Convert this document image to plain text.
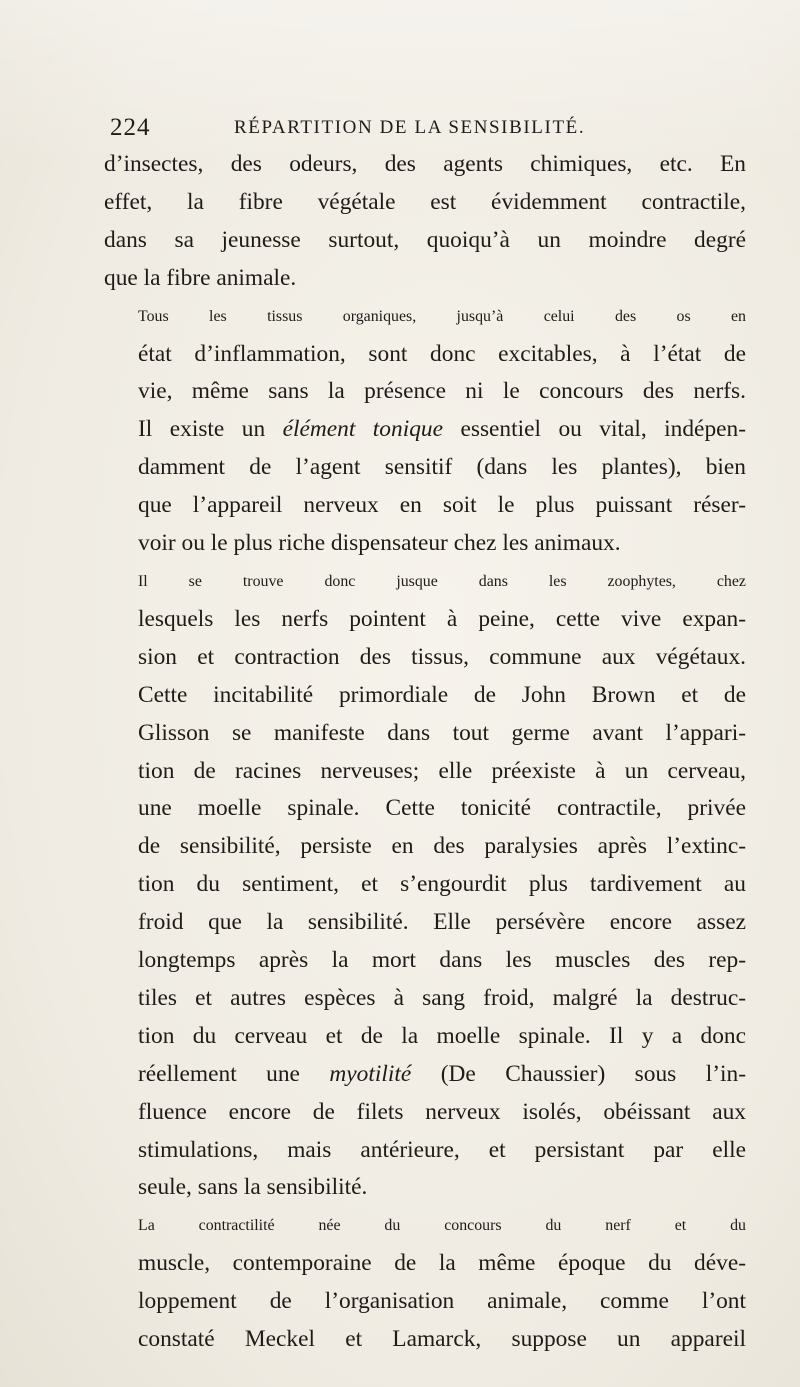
224	RÉPARTITION DE LA SENSIBILITÉ.

d’insectes, des odeurs, des agents chimiques, etc. En
effet, la fibre végétale est évidemment contractile,
dans sa jeunesse surtout, quoiqu’à un moindre degré
que la fibre animale.

Tous les tissus organiques, jusqu’à celui des os en
état d’inflammation, sont donc excitables, à l’état de
vie, même sans la présence ni le concours des nerfs.
Il existe un élément tonique essentiel ou vital, indépen-
damment de l’agent sensitif (dans les plantes), bien
que l’appareil nerveux en soit le plus puissant réser-
voir ou le plus riche dispensateur chez les animaux.

Il se trouve donc jusque dans les zoophytes, chez
lesquels les nerfs pointent à peine, cette vive expan-
sion et contraction des tissus, commune aux végétaux.
Cette incitabilité primordiale de John Brown et de
Glisson se manifeste dans tout germe avant l’appari-
tion de racines nerveuses; elle préexiste à un cerveau,
une moelle spinale. Cette tonicité contractile, privée
de sensibilité, persiste en des paralysies après l’extinc-
tion du sentiment, et s’engourdit plus tardivement au
froid que la sensibilité. Elle persévère encore assez
longtemps après la mort dans les muscles des rep-
tiles et autres espèces à sang froid, malgré la destruc-
tion du cerveau et de la moelle spinale. Il y a donc
réellement une myotilité (De Chaussier) sous l’in-
fluence encore de filets nerveux isolés, obéissant aux
stimulations, mais antérieure, et persistant par elle
seule, sans la sensibilité.

La contractilité née du concours du nerf et du
muscle, contemporaine de la même époque du déve-
loppement de l’organisation animale, comme l’ont
constaté Meckel et Lamarck, suppose un appareil
